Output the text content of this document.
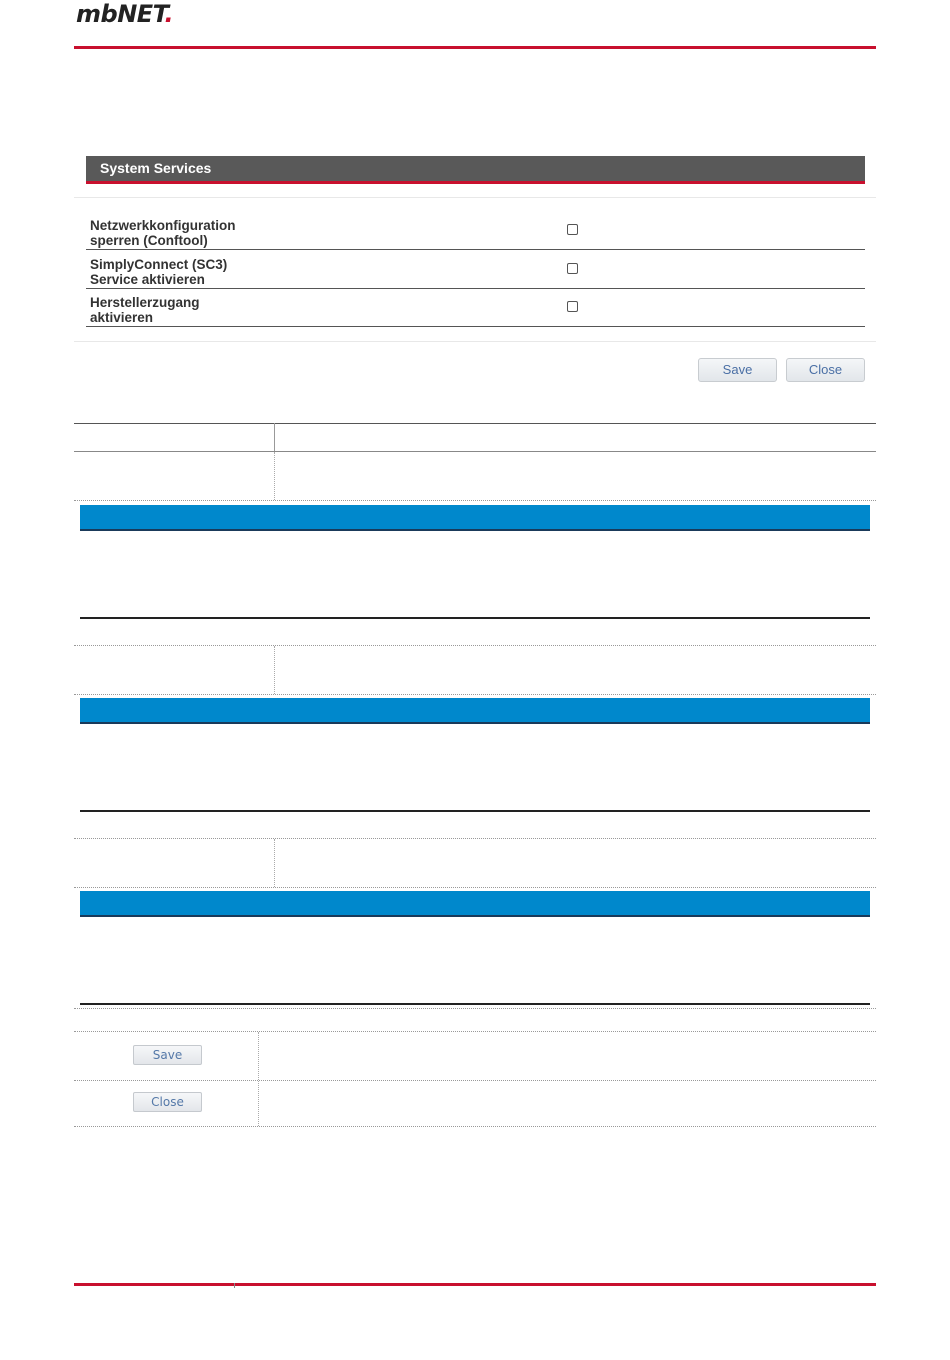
mbNET.
System Services
Netzwerkkonfiguration
sperren (Conftool)
SimplyConnect (SC3)
Service aktivieren
Herstellerzugang
aktivieren
Save	Close
Save
Close
